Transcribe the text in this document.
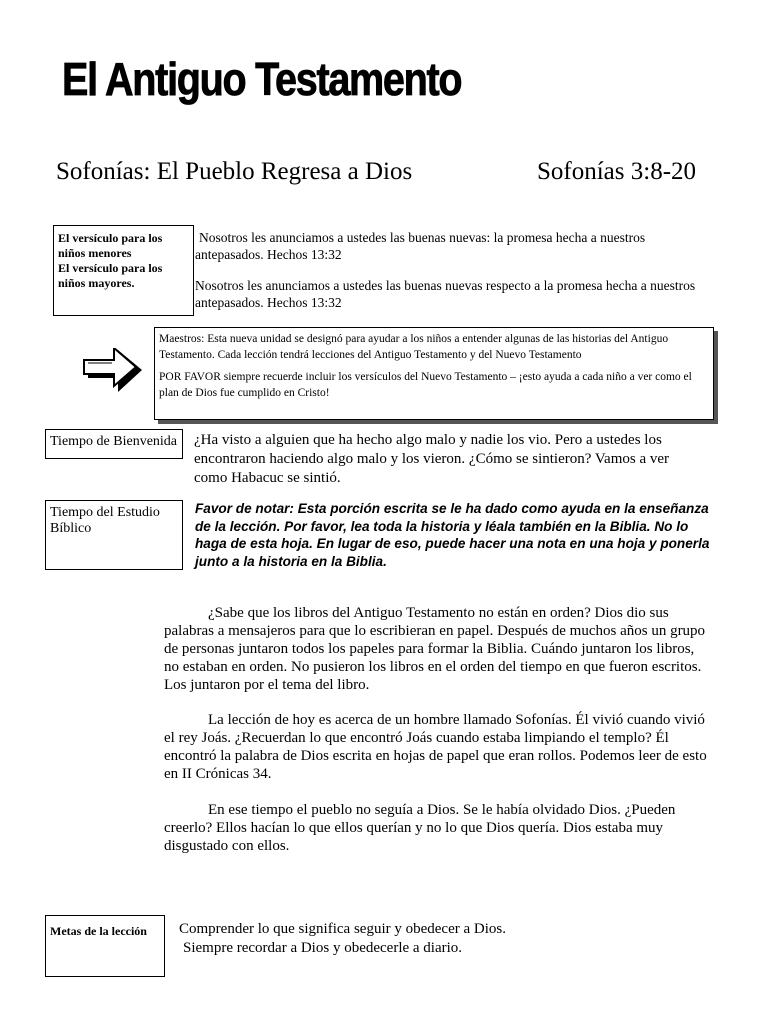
El Antiguo Testamento
Sofonías: El Pueblo Regresa a Dios	Sofonías 3:8-20
El versículo para los niños menores
El versículo para los niños mayores.
Nosotros les anunciamos a ustedes las buenas nuevas: la promesa hecha a nuestros antepasados. Hechos 13:32
Nosotros les anunciamos a ustedes las buenas nuevas respecto a la promesa hecha a nuestros antepasados. Hechos 13:32
Maestros: Esta nueva unidad se designó para ayudar a los niños a entender algunas de las historias del Antiguo Testamento. Cada lección tendrá lecciones del Antiguo Testamento y del Nuevo Testamento
POR FAVOR siempre recuerde incluir los versículos del Nuevo Testamento – ¡esto ayuda a cada niño a ver como el plan de Dios fue cumplido en Cristo!
Tiempo de Bienvenida ¿Ha visto a alguien que ha hecho algo malo y nadie los vio. Pero a ustedes los encontraron haciendo algo malo y los vieron. ¿Cómo se sintieron? Vamos a ver como Habacuc se sintió.
Tiempo del Estudio Bíblico
Favor de notar: Esta porción escrita se le ha dado como ayuda en la enseñanza de la lección. Por favor, lea toda la historia y léala también en la Biblia. No lo haga de esta hoja. En lugar de eso, puede hacer una nota en una hoja y ponerla junto a la historia en la Biblia.
¿Sabe que los libros del Antiguo Testamento no están en orden? Dios dio sus palabras a mensajeros para que lo escribieran en papel. Después de muchos años un grupo de personas juntaron todos los papeles para formar la Biblia. Cuándo juntaron los libros, no estaban en orden. No pusieron los libros en el orden del tiempo en que fueron escritos. Los juntaron por el tema del libro.
La lección de hoy es acerca de un hombre llamado Sofonías. Él vivió cuando vivió el rey Joás. ¿Recuerdan lo que encontró Joás cuando estaba limpiando el templo? Él encontró la palabra de Dios escrita en hojas de papel que eran rollos. Podemos leer de esto en II Crónicas 34.
En ese tiempo el pueblo no seguía a Dios. Se le había olvidado Dios. ¿Pueden creerlo? Ellos hacían lo que ellos querían y no lo que Dios quería. Dios estaba muy disgustado con ellos.
Metas de la lección	Comprender lo que significa seguir y obedecer a Dios.
Siempre recordar a Dios y obedecerle a diario.
